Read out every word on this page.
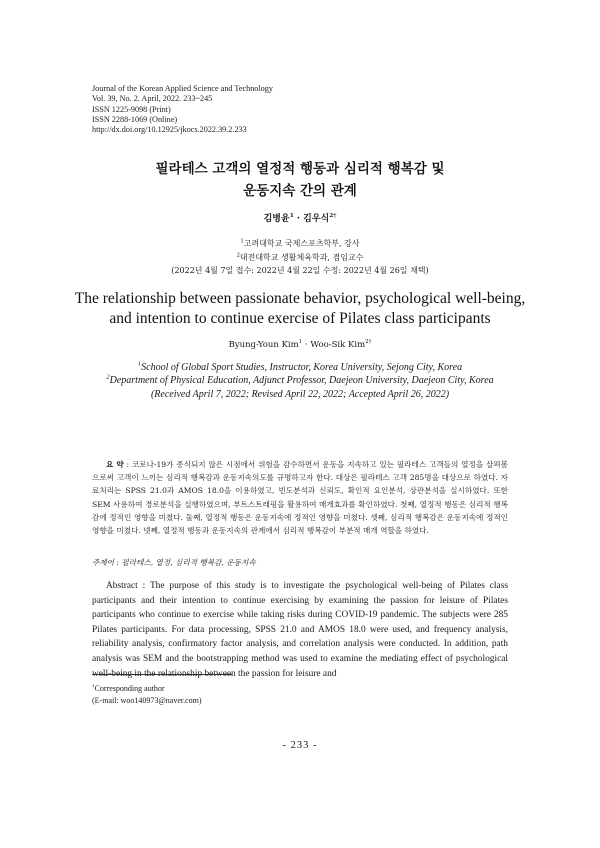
Journal of the Korean Applied Science and Technology
Vol. 39, No. 2. April, 2022. 233~245
ISSN 1225-9098 (Print)
ISSN 2288-1069 (Online)
http://dx.doi.org/10.12925/jkocs.2022.39.2.233
필라테스 고객의 열정적 행동과 심리적 행복감 및
운동지속 간의 관계
김병윤$^1$ · 김우식$^{2\dagger}$
$^1$고려대학교 국제스포츠학부, 강사
$^2$대전대학교 생활체육학과, 겸임교수
(2022년 4월 7일 접수: 2022년 4월 22일 수정: 2022년 4월 26일 채택)
The relationship between passionate behavior, psychological well-being,
and intention to continue exercise of Pilates class participants
Byung-Youn Kim$^1$ · Woo-Sik Kim$^{2\dagger}$
$^1$School of Global Sport Studies, Instructor, Korea University, Sejong City, Korea
$^2$Department of Physical Education, Adjunct Professor, Daejeon University, Daejeon City, Korea
(Received April 7, 2022; Revised April 22, 2022; Accepted April 26, 2022)
요 약 : 코로나-19가 종식되지 않은 시점에서 위험을 감수하면서 운동을 지속하고 있는 필라테스 고객들의 열정을 살펴봄으로써 고객이 느끼는 심리적 행복감과 운동지속의도를 규명하고자 한다. 대상은 필라테스 고객 285명을 대상으로 하였다. 자료처리는 SPSS 21.0과 AMOS 18.0을 이용하였고, 빈도분석과 신뢰도, 확인적 요인분석, 상관분석을 실시하였다. 또한 SEM 사용하여 경로분석을 실행하였으며, 부트스트래핑을 활용하여 매개효과를 확인하였다. 첫째, 열정적 행동은 심리적 행복감에 정적인 영향을 미쳤다. 둘째, 열정적 행동은 운동지속에 정적인 영향을 미쳤다. 셋째, 심리적 행복감은 운동지속에 정적인 영향을 미쳤다. 넷째, 열정적 행동과 운동지속의 관계에서 심리적 행복감이 부분적 매개 역할을 하였다.
주제어 : 필라테스, 열정, 심리적 행복감, 운동지속
Abstract : The purpose of this study is to investigate the psychological well-being of Pilates class participants and their intention to continue exercising by examining the passion for leisure of Pilates participants who continue to exercise while taking risks during COVID-19 pandemic. The subjects were 285 Pilates participants. For data processing, SPSS 21.0 and AMOS 18.0 were used, and frequency analysis, reliability analysis, confirmatory factor analysis, and correlation analysis were conducted. In addition, path analysis was SEM and the bootstrapping method was used to examine the mediating effect of psychological well-being in the relationship between the passion for leisure and
†Corresponding author
(E-mail: woo140973@naver.com)
- 233 -
